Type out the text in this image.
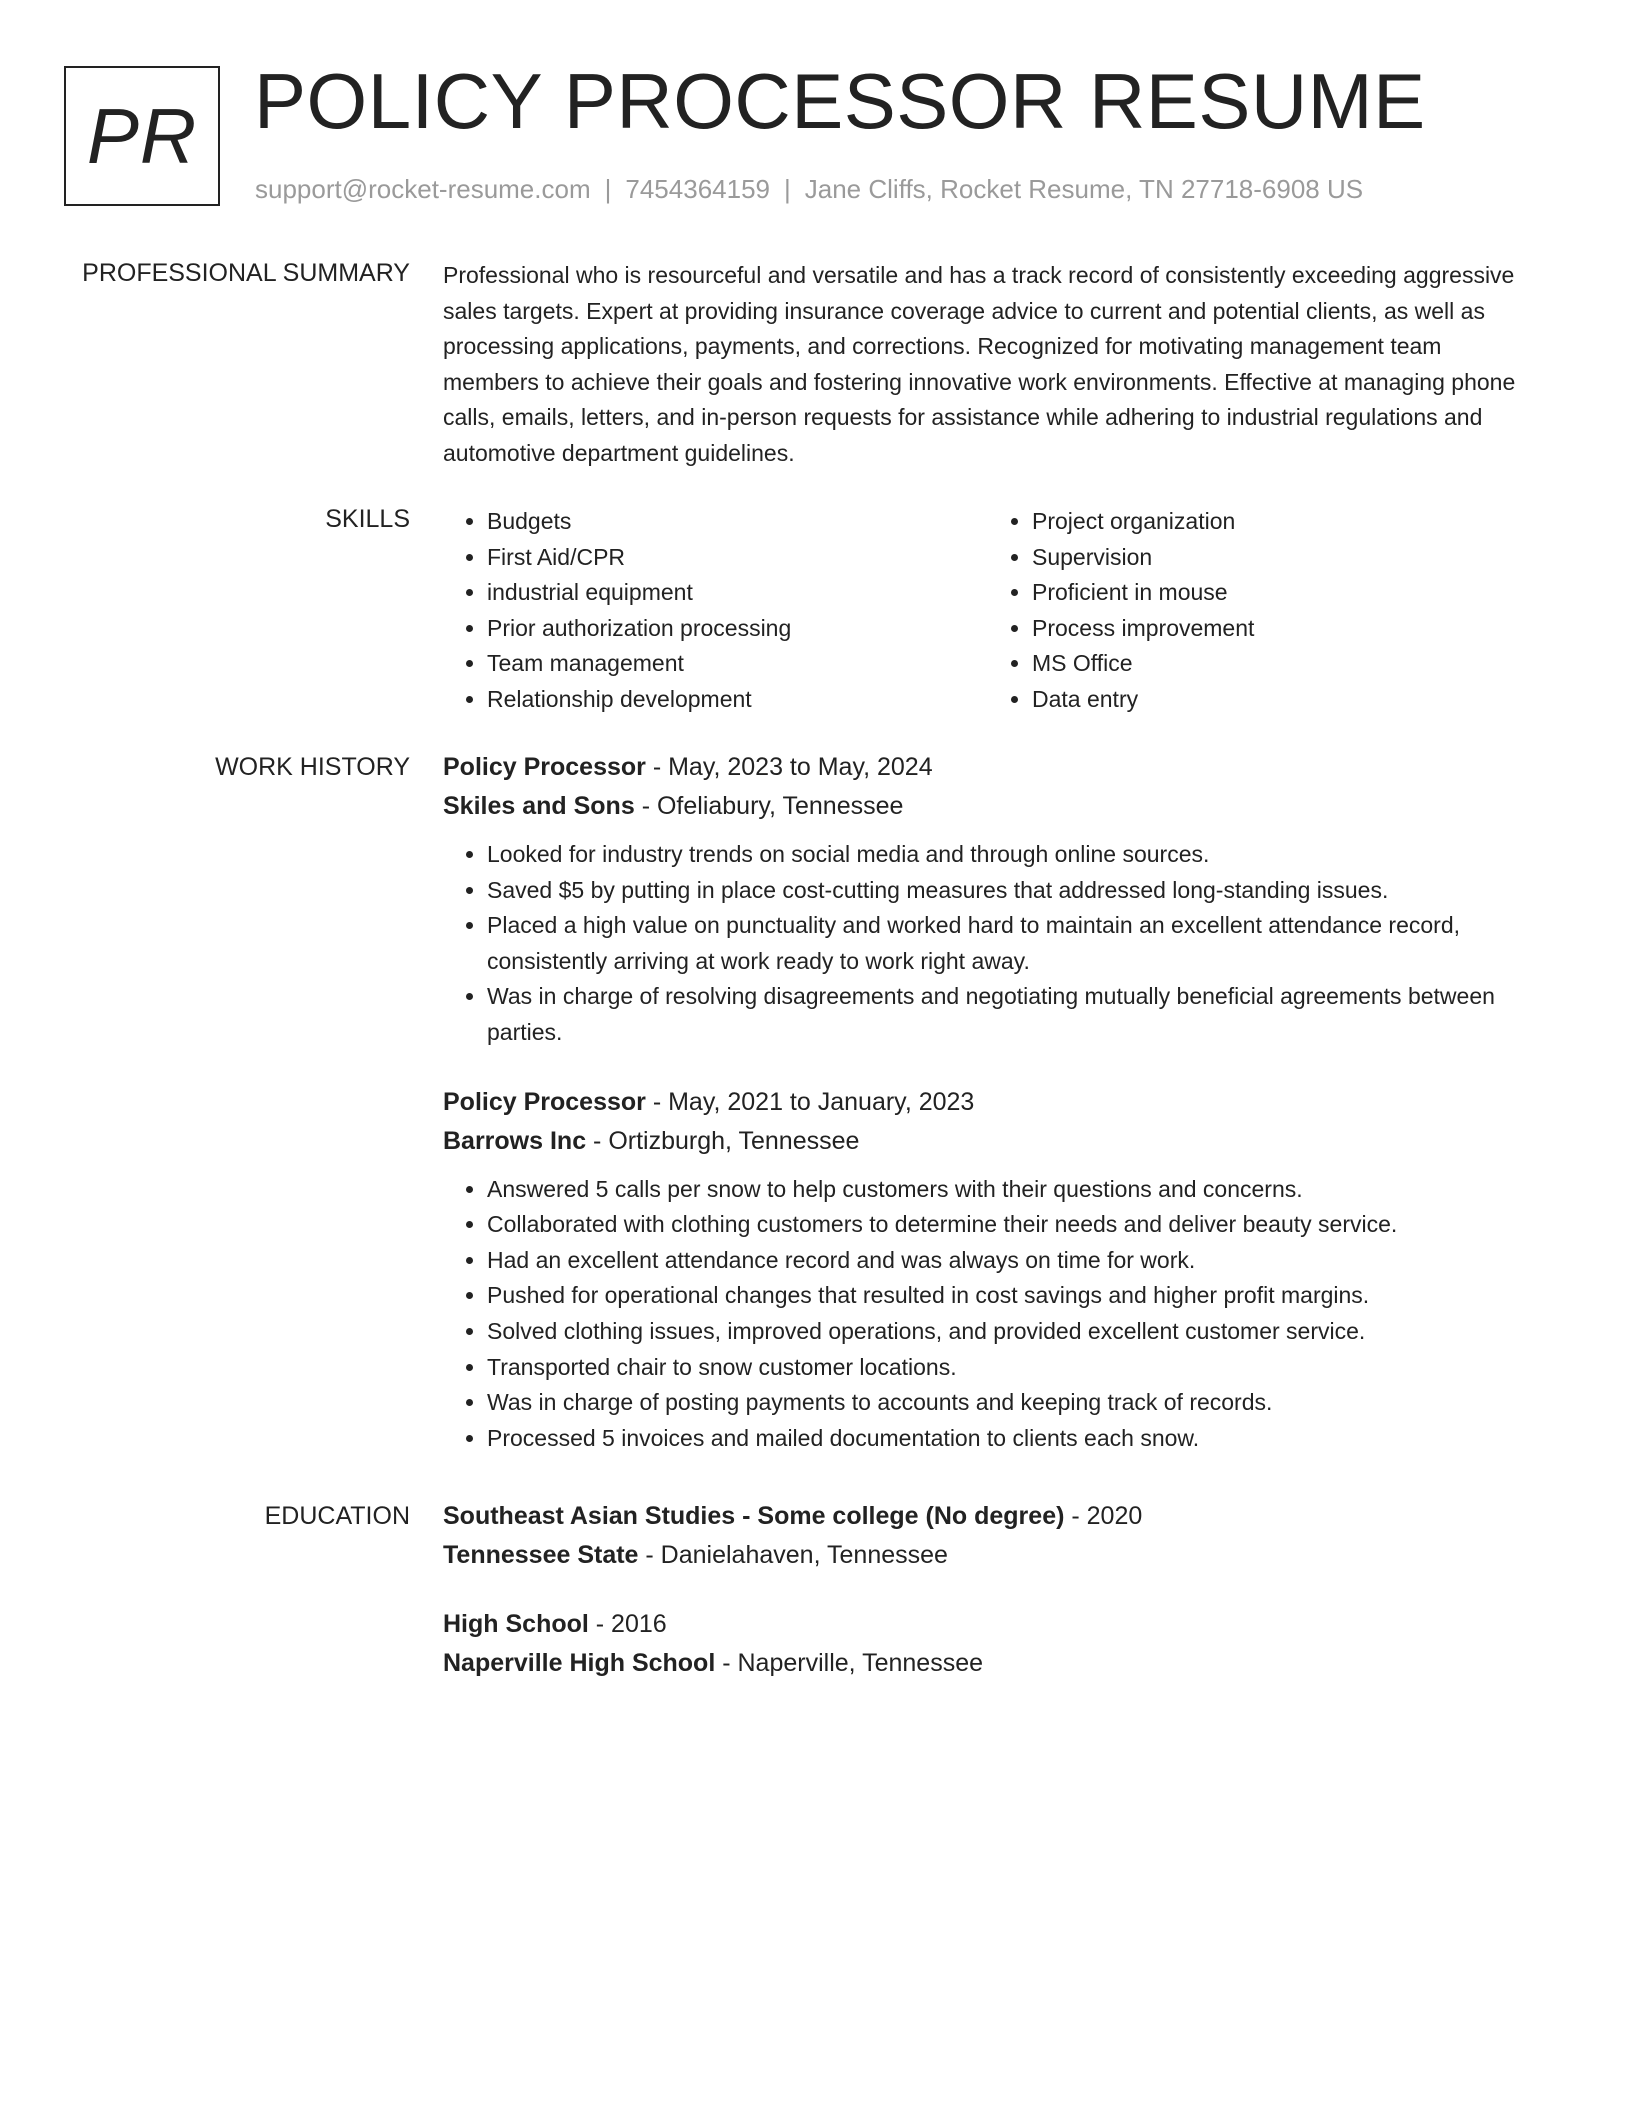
PR POLICY PROCESSOR RESUME
support@rocket-resume.com | 7454364159 | Jane Cliffs, Rocket Resume, TN 27718-6908 US
PROFESSIONAL SUMMARY Professional who is resourceful and versatile and has a track record of consistently exceeding aggressive sales targets. Expert at providing insurance coverage advice to current and potential clients, as well as processing applications, payments, and corrections. Recognized for motivating management team members to achieve their goals and fostering innovative work environments. Effective at managing phone calls, emails, letters, and in-person requests for assistance while adhering to industrial regulations and automotive department guidelines.

SKILLS
•	Budgets
• First Aid/CPR
• industrial equipment
• Prior authorization processing
• Team management
• Relationship development
• Project organization
• Supervision
• Proficient in mouse
• Process improvement
• MS Office
• Data entry
WORK HISTORY Policy Processor - May, 2023 to May, 2024
Skiles and Sons - Ofeliabury, Tennessee
• Looked for industry trends on social media and through online sources.
• Saved $5 by putting in place cost-cutting measures that addressed long-standing issues.
• Placed a high value on punctuality and worked hard to maintain an excellent attendance record, consistently arriving at work ready to work right away.
• Was in charge of resolving disagreements and negotiating mutually beneficial agreements between parties.
Policy Processor - May, 2021 to January, 2023
Barrows Inc - Ortizburgh, Tennessee
• Answered 5 calls per snow to help customers with their questions and concerns.
• Collaborated with clothing customers to determine their needs and deliver beauty service.
• Had an excellent attendance record and was always on time for work.
• Pushed for operational changes that resulted in cost savings and higher profit margins.
• Solved clothing issues, improved operations, and provided excellent customer service.
• Transported chair to snow customer locations.
• Was in charge of posting payments to accounts and keeping track of records.
• Processed 5 invoices and mailed documentation to clients each snow.
EDUCATION Southeast Asian Studies - Some college (No degree) - 2020
Tennessee State - Danielahaven, Tennessee
High School - 2016
Naperville High School - Naperville, Tennessee
